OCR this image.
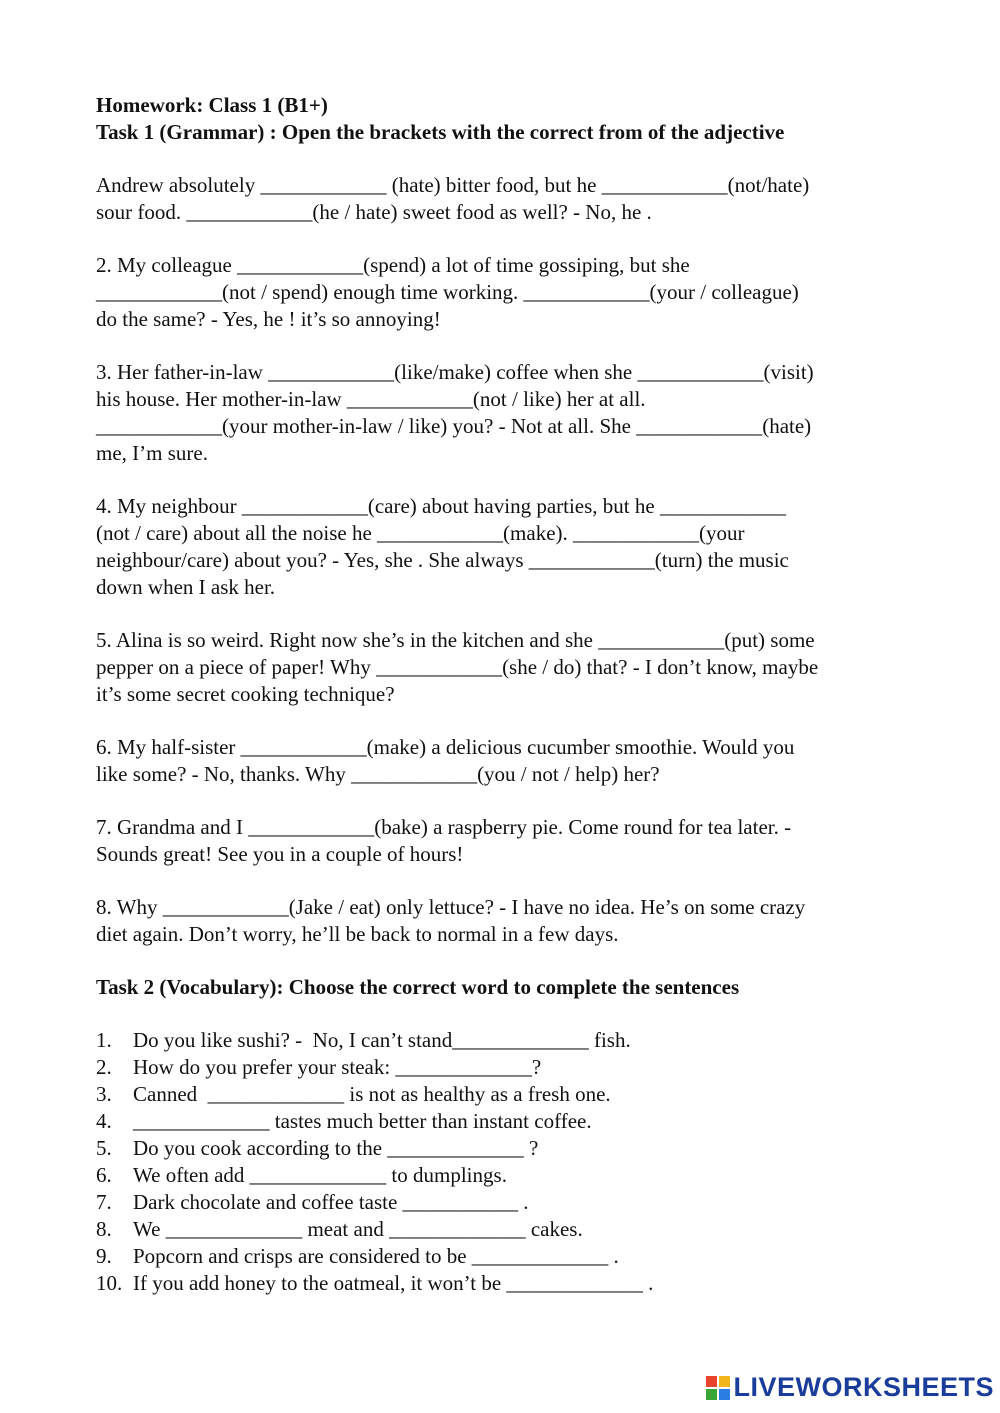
Homework: Class 1 (B1+)

Task 1 (Grammar) : Open the brackets with the correct from of the adjective

Andrew absolutely ____________ (hate) bitter food, but he ____________(not/hate)
sour food. ____________(he / hate) sweet food as well? - No, he .
2. My colleague ____________(spend) a lot of time gossiping, but she
____________(not / spend) enough time working. ____________(your / colleague)
do the same? - Yes, he ! it’s so annoying!
3. Her father-in-law ____________(like/make) coffee when she ____________(visit)
his house. Her mother-in-law ____________(not / like) her at all.
____________(your mother-in-law / like) you? - Not at all. She ____________(hate)
me, I’m sure.
4. My neighbour ____________(care) about having parties, but he ____________
(not / care) about all the noise he ____________(make). ____________(your
neighbour/care) about you? - Yes, she . She always ____________(turn) the music
down when I ask her.
5. Alina is so weird. Right now she’s in the kitchen and she ____________(put) some
pepper on a piece of paper! Why ____________(she / do) that? - I don’t know, maybe
it’s some secret cooking technique?
6. My half-sister ____________(make) a delicious cucumber smoothie. Would you
like some? - No, thanks. Why ____________(you / not / help) her?
7. Grandma and I ____________(bake) a raspberry pie. Come round for tea later. -
Sounds great! See you in a couple of hours!
8. Why ____________(Jake / eat) only lettuce? - I have no idea. He’s on some crazy
diet again. Don’t worry, he’ll be back to normal in a few days.

Task 2 (Vocabulary): Choose the correct word to complete the sentences

1. Do you like sushi? -  No, I can’t stand_____________ fish.
2. How do you prefer your steak: _____________?
3. Canned  _____________ is not as healthy as a fresh one.
4. _____________ tastes much better than instant coffee.
5. Do you cook according to the _____________ ?
6. We often add _____________ to dumplings.
7. Dark chocolate and coffee taste ___________ .
8. We _____________ meat and _____________ cakes.
9. Popcorn and crisps are considered to be _____________ .
10. If you add honey to the oatmeal, it won’t be _____________ .
LIVEWORKSHEETS
